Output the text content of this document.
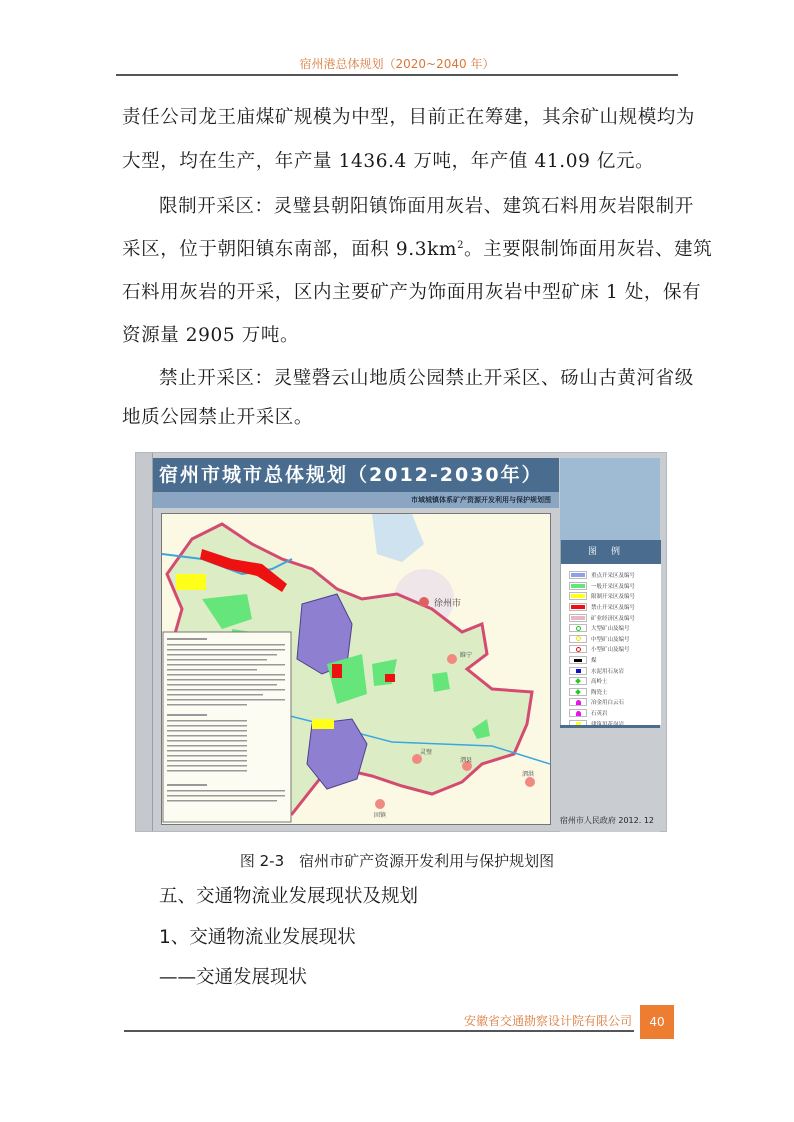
宿州港总体规划（2020~2040 年）
责任公司龙王庙煤矿规模为中型，目前正在筹建，其余矿山规模均为
大型，均在生产，年产量 1436.4 万吨，年产值 41.09 亿元。
限制开采区：灵璧县朝阳镇饰面用灰岩、建筑石料用灰岩限制开
采区，位于朝阳镇东南部，面积 $9.3km^2$。主要限制饰面用灰岩、建筑
石料用灰岩的开采，区内主要矿产为饰面用灰岩中型矿床 1 处，保有
资源量 2905 万吨。
禁止开采区：灵璧磬云山地质公园禁止开采区、砀山古黄河省级
地质公园禁止开采区。
宿州市城市总体规划（2012-2030年）
市域城镇体系矿产资源开发利用与保护规划图
徐州市
睢宁
泗洪
固镇
灵璧
泗县
图例
重点开采区及编号
一般开采区及编号
限制开采区及编号
禁止开采区及编号
矿业经济区及编号
大型矿山及编号
中型矿山及编号
小型矿山及编号
煤
水泥用石灰岩
高岭土
陶瓷土
冶金用白云石
石英岩
宿州市人民政府 2012. 12
图 2-3　宿州市矿产资源开发利用与保护规划图
五、交通物流业发展现状及规划
1、交通物流业发展现状
——交通发展现状
安徽省交通勘察设计院有限公司	40
